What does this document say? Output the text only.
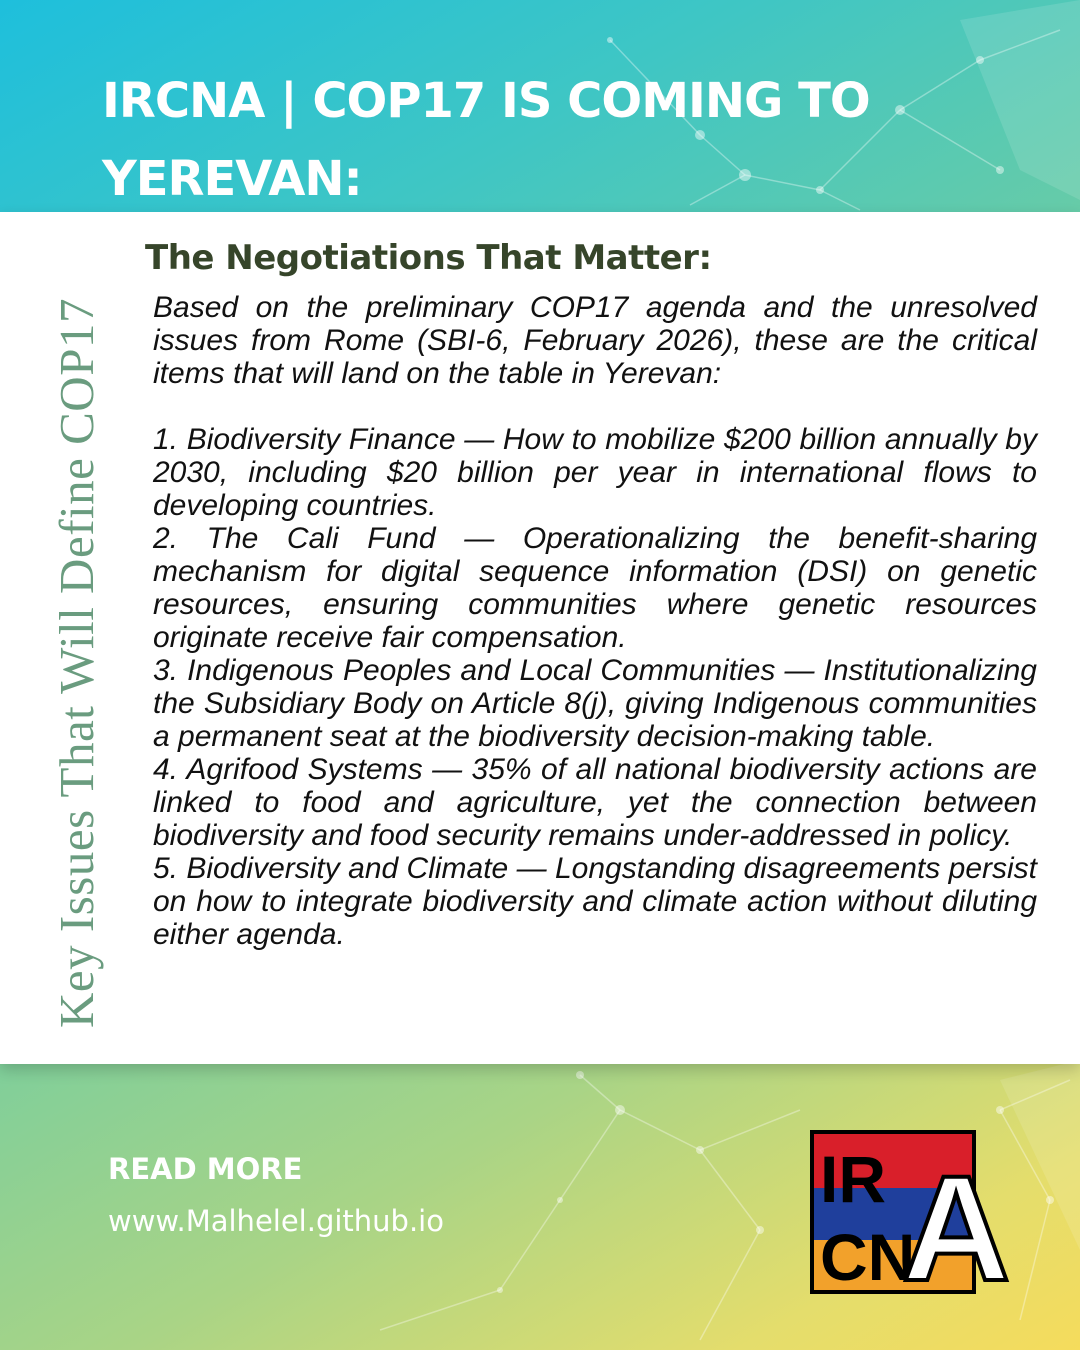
IRCNA | COP17 IS COMING TO YEREVAN:
Key Issues That Will Define COP17
The Negotiations That Matter:

Based on the preliminary COP17 agenda and the unresolved issues from Rome (SBI-6, February 2026), these are the critical items that will land on the table in Yerevan:

1. Biodiversity Finance — How to mobilize $200 billion annually by 2030, including $20 billion per year in international flows to developing countries.

2. The Cali Fund — Operationalizing the benefit-sharing mechanism for digital sequence information (DSI) on genetic resources, ensuring communities where genetic resources originate receive fair compensation.

3. Indigenous Peoples and Local Communities — Institutionalizing the Subsidiary Body on Article 8(j), giving Indigenous communities a permanent seat at the biodiversity decision-making table.

4. Agrifood Systems — 35% of all national biodiversity actions are linked to food and agriculture, yet the connection between biodiversity and food security remains under-addressed in policy.

5. Biodiversity and Climate — Longstanding disagreements persist on how to integrate biodiversity and climate action without diluting either agenda.

READ MORE
www.Malhelel.github.io
IR
CN
A
